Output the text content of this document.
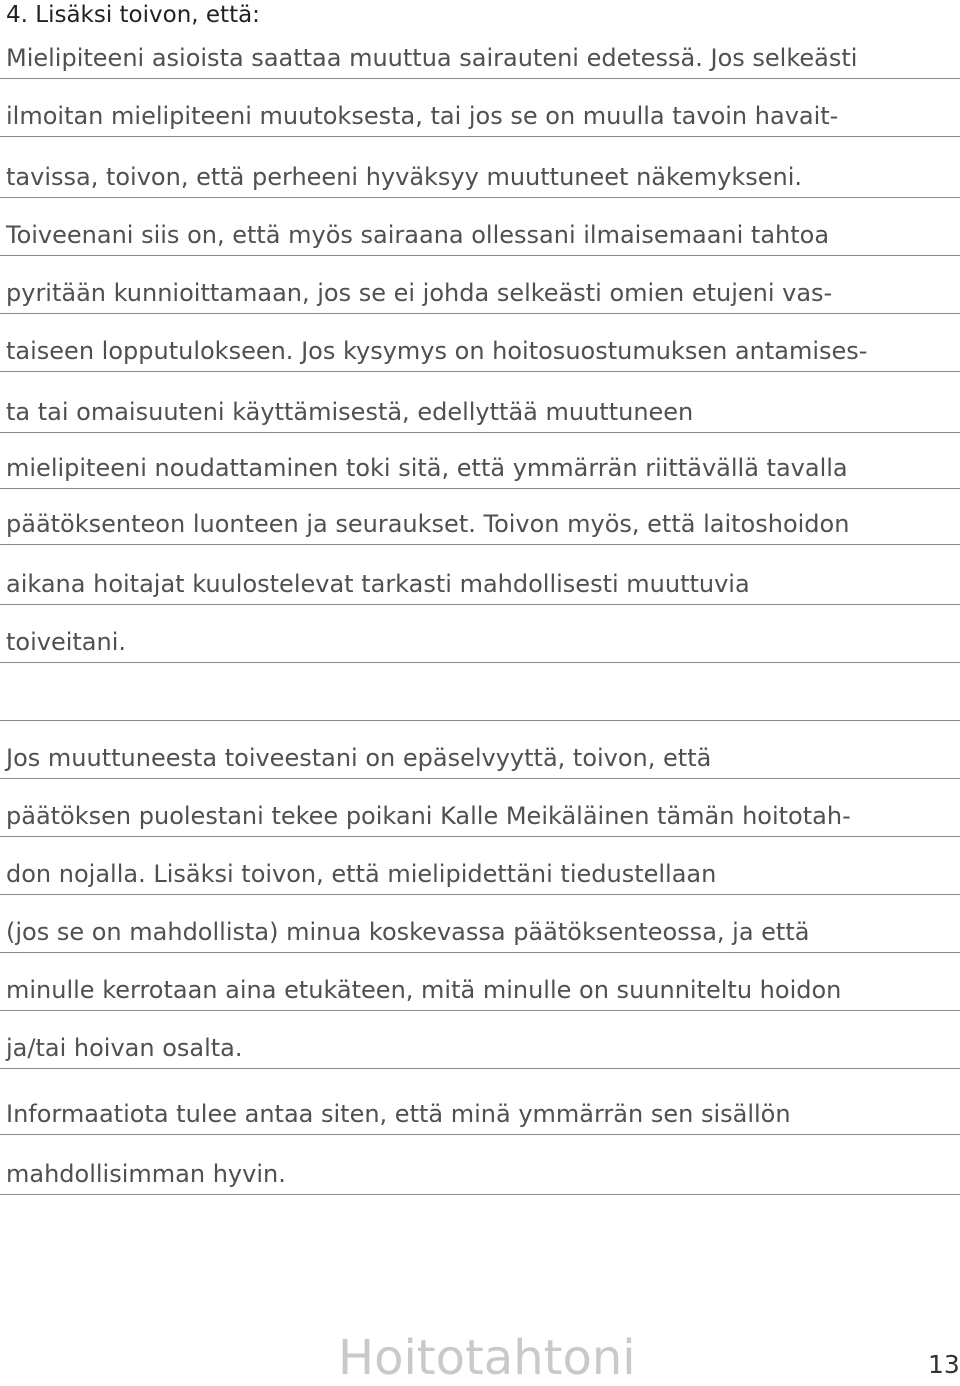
4. Lisäksi toivon, että:
Mielipiteeni asioista saattaa muuttua sairauteni edetessä. Jos selkeästi
ilmoitan mielipiteeni muutoksesta, tai jos se on muulla tavoin havait-
tavissa, toivon, että perheeni hyväksyy muuttuneet näkemykseni.
Toiveenani siis on, että myös sairaana ollessani ilmaisemaani tahtoa
pyritään kunnioittamaan, jos se ei johda selkeästi omien etujeni vas-
taiseen lopputulokseen. Jos kysymys on hoitosuostumuksen antamises-
ta tai omaisuuteni käyttämisestä, edellyttää muuttuneen
mielipiteeni noudattaminen toki sitä, että ymmärrän riittävällä tavalla
päätöksenteon luonteen ja seuraukset. Toivon myös, että laitoshoidon
aikana hoitajat kuulostelevat tarkasti mahdollisesti muuttuvia
toiveitani.
Jos muuttuneesta toiveestani on epäselvyyttä, toivon, että
päätöksen puolestani tekee poikani Kalle Meikäläinen tämän hoitotah-
don nojalla. Lisäksi toivon, että mielipidettäni tiedustellaan
(jos se on mahdollista) minua koskevassa päätöksenteossa, ja että
minulle kerrotaan aina etukäteen, mitä minulle on suunniteltu hoidon
ja/tai hoivan osalta.
Informaatiota tulee antaa siten, että minä ymmärrän sen sisällön
mahdollisimman hyvin.
Hoitotahtoni	13
